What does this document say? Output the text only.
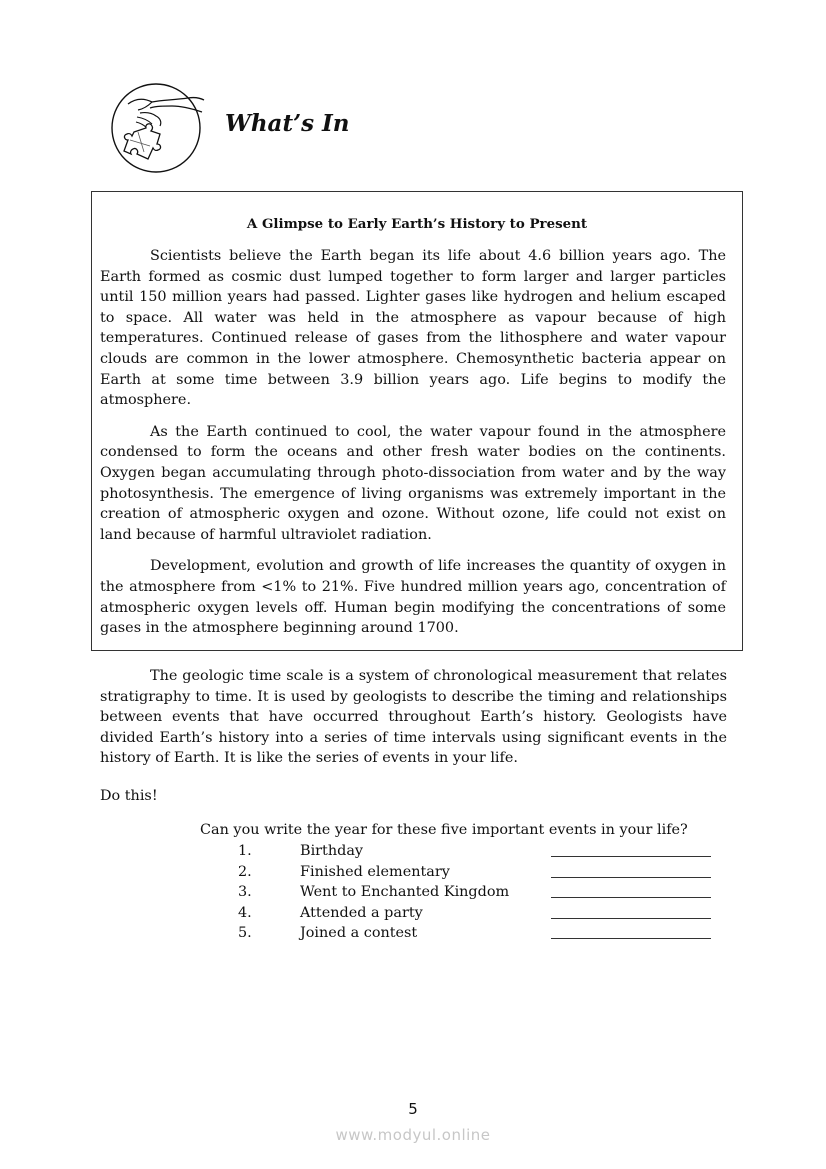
What’s In
A Glimpse to Early Earth’s History to Present

Scientists believe the Earth began its life about 4.6 billion years ago. The Earth formed as cosmic dust lumped together to form larger and larger particles until 150 million years had passed. Lighter gases like hydrogen and helium escaped to space. All water was held in the atmosphere as vapour because of high temperatures. Continued release of gases from the lithosphere and water vapour clouds are common in the lower atmosphere. Chemosynthetic bacteria appear on Earth at some time between 3.9 billion years ago. Life begins to modify the atmosphere.

As the Earth continued to cool, the water vapour found in the atmosphere condensed to form the oceans and other fresh water bodies on the continents. Oxygen began accumulating through photo-dissociation from water and by the way photosynthesis. The emergence of living organisms was extremely important in the creation of atmospheric oxygen and ozone. Without ozone, life could not exist on land because of harmful ultraviolet radiation.

Development, evolution and growth of life increases the quantity of oxygen in the atmosphere from <1% to 21%. Five hundred million years ago, concentration of atmospheric oxygen levels off. Human begin modifying the concentrations of some gases in the atmosphere beginning around 1700.

The geologic time scale is a system of chronological measurement that relates stratigraphy to time. It is used by geologists to describe the timing and relationships between events that have occurred throughout Earth’s history. Geologists have divided Earth’s history into a series of time intervals using significant events in the history of Earth. It is like the series of events in your life.

Do this!

Can you write the year for these five important events in your life?

1.	Birthday
2.	Finished elementary
3.	Went to Enchanted Kingdom
4.	Attended a party
5.	Joined a contest

5

www.modyul.online
